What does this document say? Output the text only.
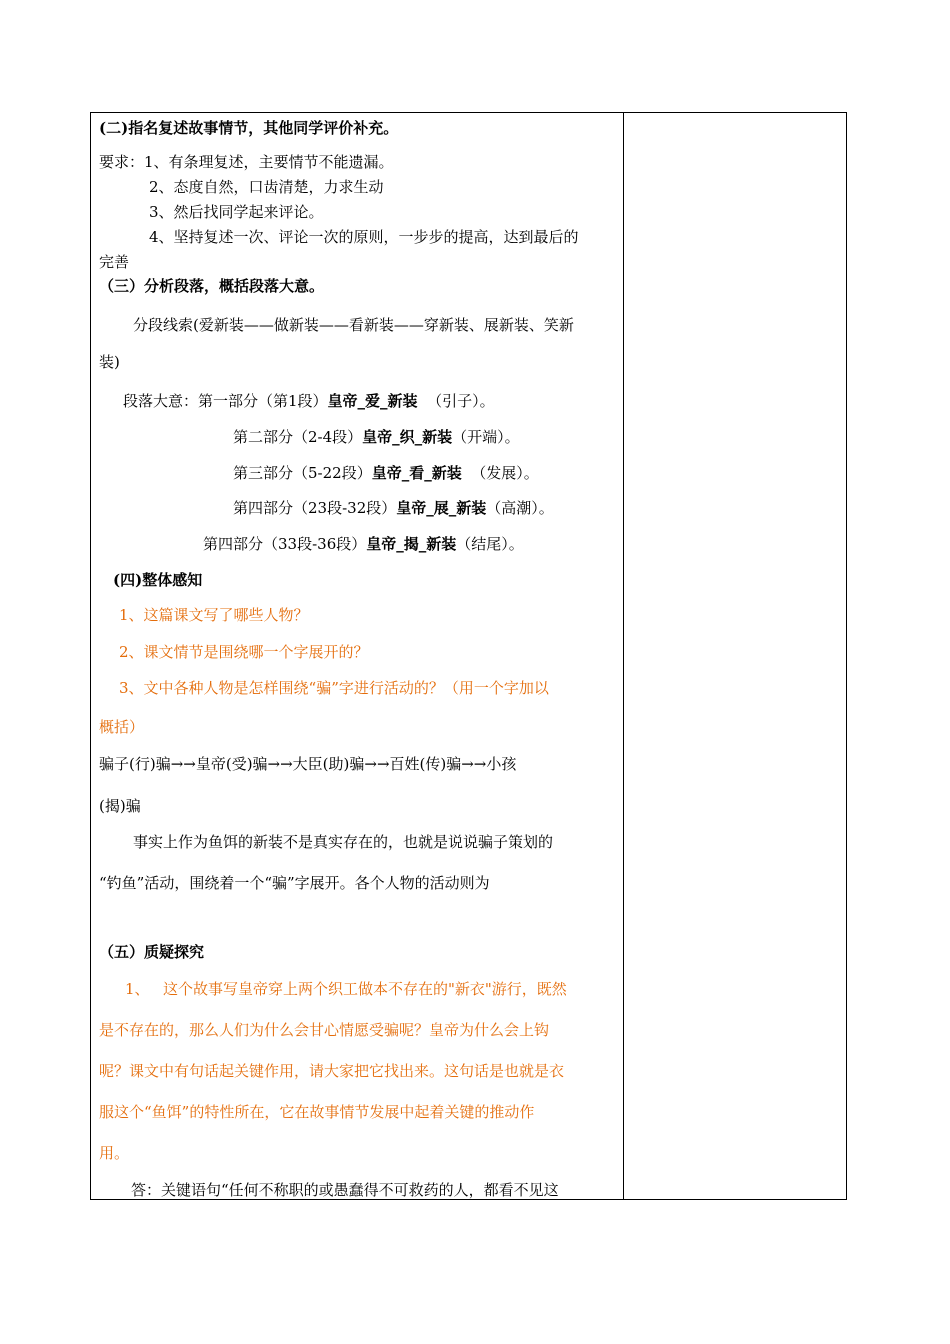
(二)指名复述故事情节，其他同学评价补充。
要求：1、有条理复述，主要情节不能遗漏。
2、态度自然，口齿清楚，力求生动
3、然后找同学起来评论。
4、坚持复述一次、评论一次的原则，一步步的提高，达到最后的
完善
（三）分析段落，概括段落大意。
分段线索(爱新装——做新装——看新装——穿新装、展新装、笑新
装)
段落大意：第一部分（第1段）皇帝_爱_新装 （引子）。
第二部分（2-4段）皇帝_织_新装（开端）。
第三部分（5-22段）皇帝_看_新装 （发展）。
第四部分（23段-32段）皇帝_展_新装（高潮）。
第四部分（33段-36段）皇帝_揭_新装（结尾）。
(四)整体感知
1、这篇课文写了哪些人物？
2、课文情节是围绕哪一个字展开的？
3、文中各种人物是怎样围绕“骗”字进行活动的？（用一个字加以
概括）
骗子(行)骗→→皇帝(受)骗→→大臣(助)骗→→百姓(传)骗→→小孩
(揭)骗
事实上作为鱼饵的新装不是真实存在的，也就是说说骗子策划的
“钓鱼”活动，围绕着一个“骗”字展开。各个人物的活动则为
（五）质疑探究
1、 这个故事写皇帝穿上两个织工做本不存在的"新衣"游行，既然
是不存在的，那么人们为什么会甘心情愿受骗呢？皇帝为什么会上钩
呢？课文中有句话起关键作用，请大家把它找出来。这句话是也就是衣
服这个“鱼饵”的特性所在，它在故事情节发展中起着关键的推动作
用。
答：关键语句“任何不称职的或愚蠢得不可救药的人，都看不见这
